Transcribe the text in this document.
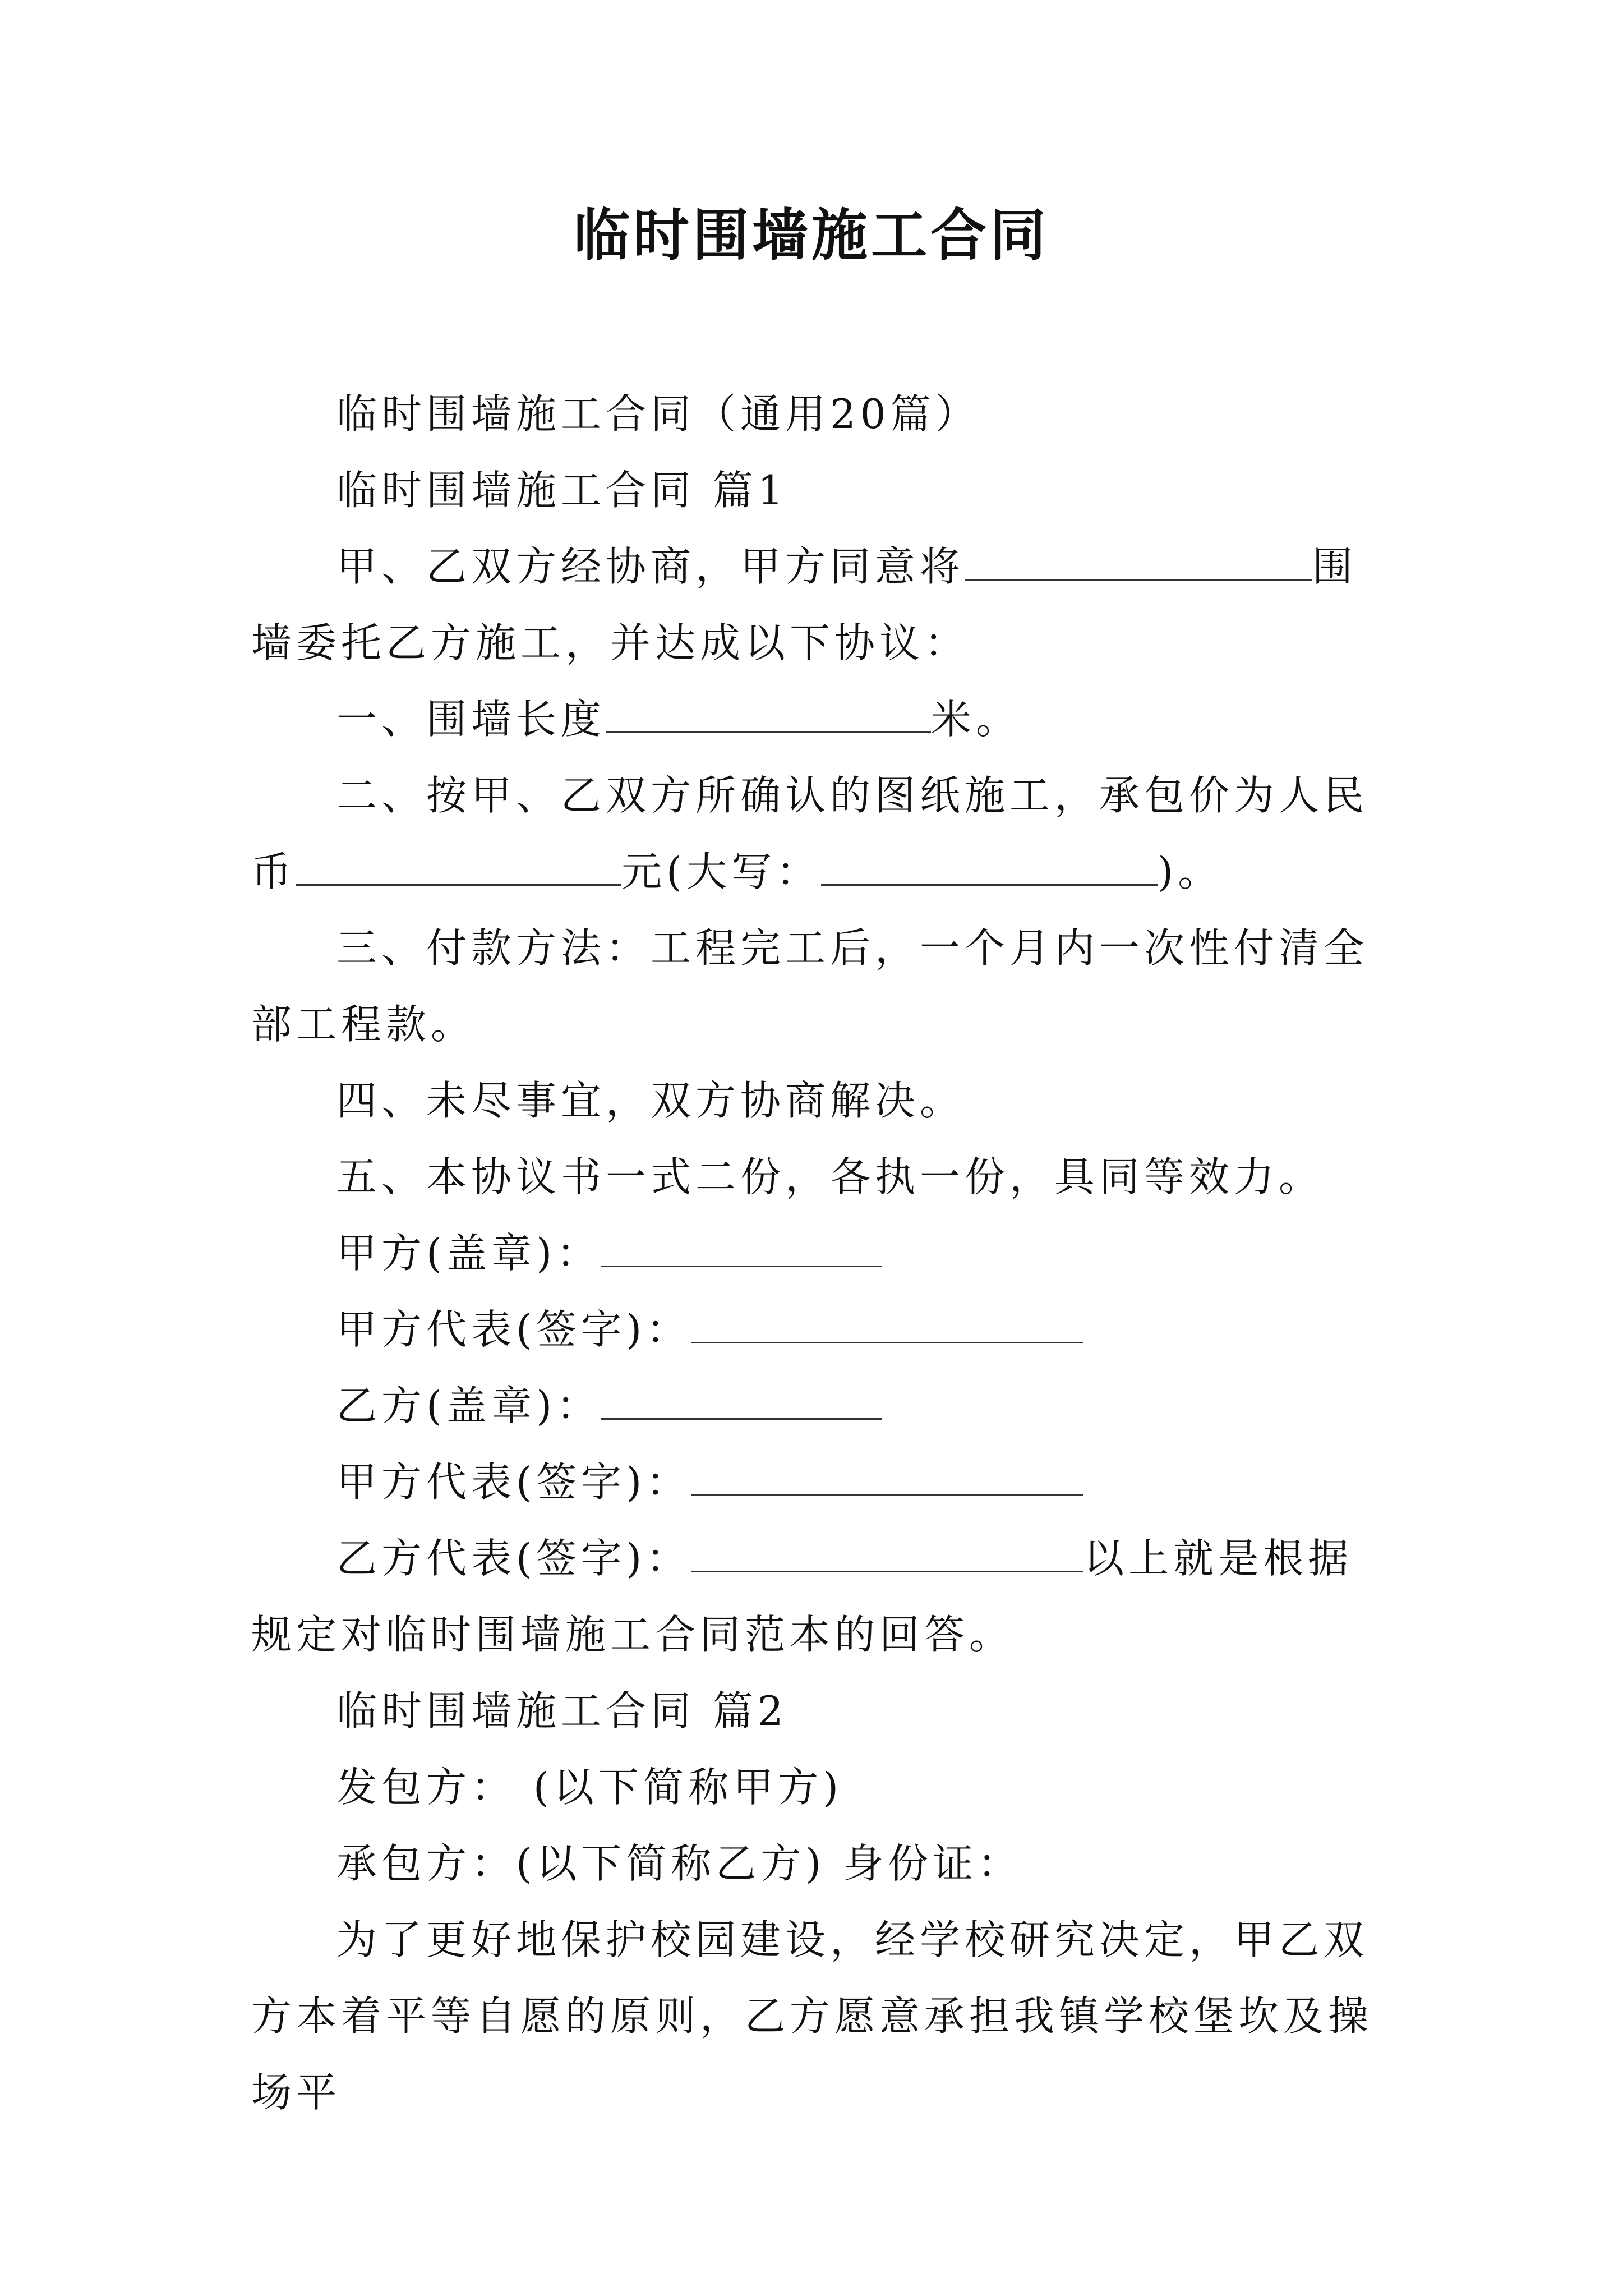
临时围墙施工合同

临时围墙施工合同（通用20篇）

临时围墙施工合同 篇1

甲、乙双方经协商，甲方同意将	围墙委托乙方施工，并达成以下协议：

一、围墙长度	米。

二、按甲、乙双方所确认的图纸施工，承包价为人民币	元(大写：	)。

三、付款方法：工程完工后，一个月内一次性付清全部工程款。

四、未尽事宜，双方协商解决。

五、本协议书一式二份，各执一份，具同等效力。

甲方(盖章)：

甲方代表(签字)：

乙方(盖章)：

甲方代表(签字)：

乙方代表(签字)：	以上就是根据规定对临时围墙施工合同范本的回答。

临时围墙施工合同 篇2

发包方： (以下简称甲方)

承包方：(以下简称乙方) 身份证：

为了更好地保护校园建设，经学校研究决定，甲乙双方本着平等自愿的原则，乙方愿意承担我镇学校堡坎及操场平
